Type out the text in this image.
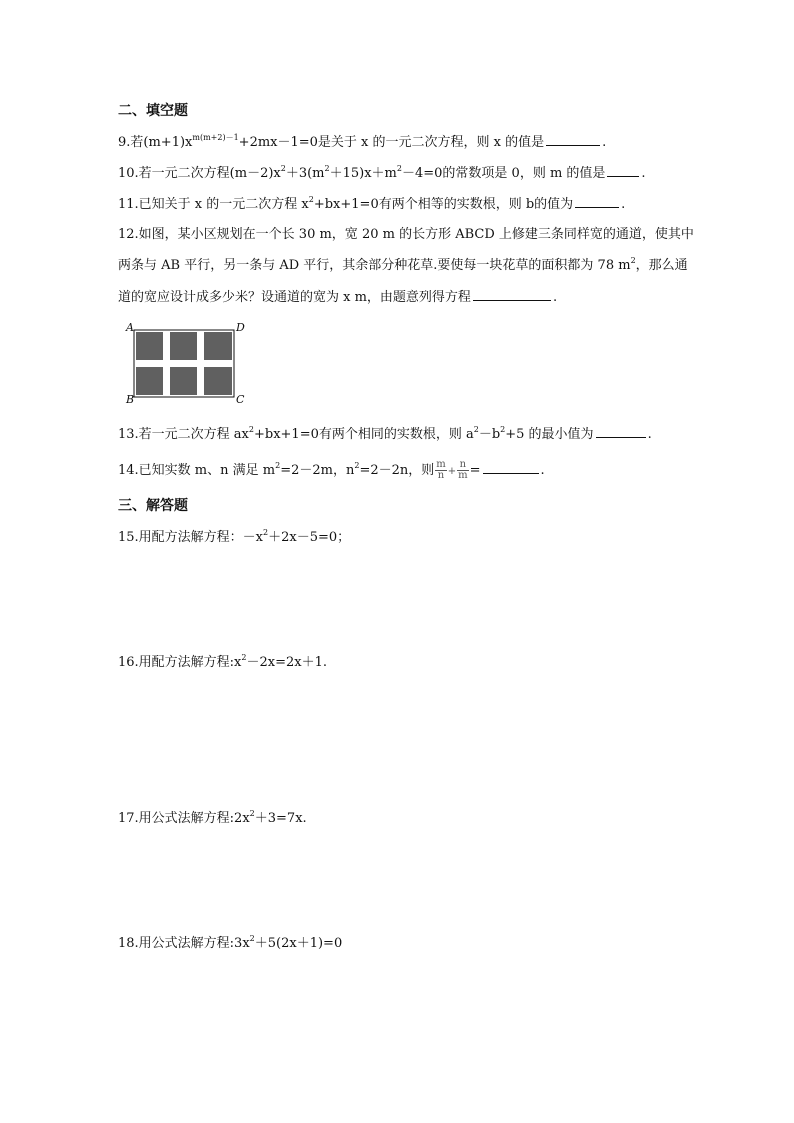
二、填空题
9.若$(m+1)x^{m(m+2)-1}+2mx-1=0$是关于 x 的一元二次方程，则 x 的值是	.
10.若一元二次方程$(m-2)x^2+3(m^2+15)x+m^2-4=0$的常数项是 0，则 m 的值是	.
11.已知关于 x 的一元二次方程 $x^2+bx+1=0$有两个相等的实数根，则 b的值为	.
12.如图，某小区规划在一个长 30 m，宽 20 m 的长方形 ABCD 上修建三条同样宽的通道，使其中
两条与 AB 平行，另一条与 AD 平行，其余部分种花草.要使每一块花草的面积都为 78 $m^2$，那么通
道的宽应设计成多少米？设通道的宽为 x m，由题意列得方程	.
A	D
B	C
13.若一元二次方程 $ax^2+bx+1=0$有两个相同的实数根，则 $a^2-b^2+5$ 的最小值为	.
14.已知实数 m、n 满足 $m^2=2-2m$，$n^2=2-2n$，则 $\frac{m}{n} + \frac{n}{m}$ =	.
三、解答题
15.用配方法解方程：$-x^2+2x-5=0$；
16.用配方法解方程$:x^2-2x=2x+1$.
17.用公式法解方程$:2x^2+3=7x$.
18.用公式法解方程$:3x^2+5(2x+1)=0$
